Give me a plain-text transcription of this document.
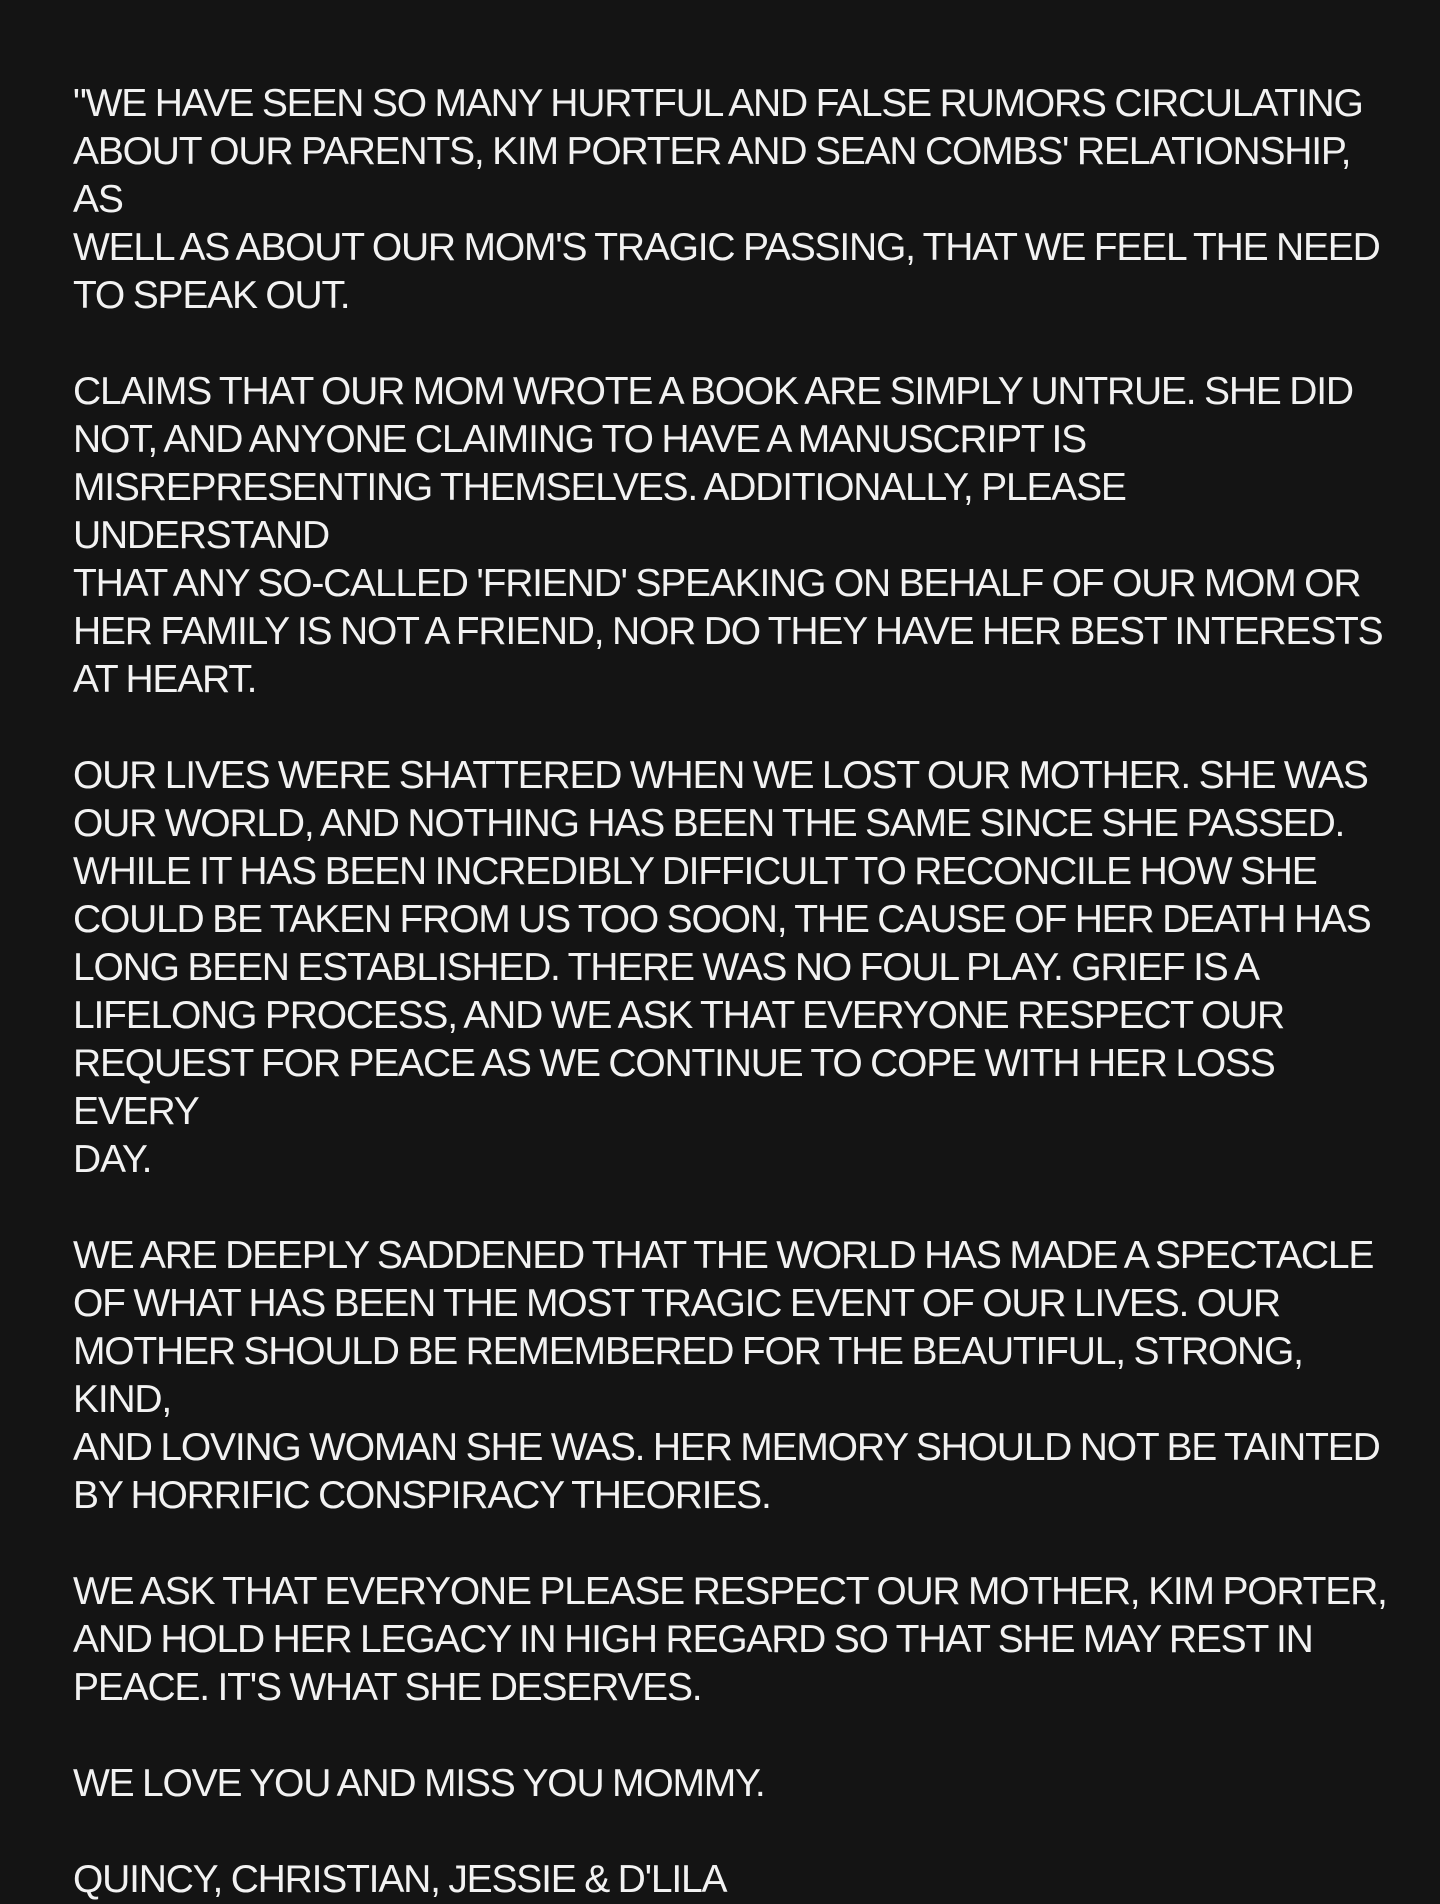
"WE HAVE SEEN SO MANY HURTFUL AND FALSE RUMORS CIRCULATING
ABOUT OUR PARENTS, KIM PORTER AND SEAN COMBS' RELATIONSHIP, AS
WELL AS ABOUT OUR MOM'S TRAGIC PASSING, THAT WE FEEL THE NEED
TO SPEAK OUT.

CLAIMS THAT OUR MOM WROTE A BOOK ARE SIMPLY UNTRUE. SHE DID
NOT, AND ANYONE CLAIMING TO HAVE A MANUSCRIPT IS
MISREPRESENTING THEMSELVES. ADDITIONALLY, PLEASE UNDERSTAND
THAT ANY SO-CALLED 'FRIEND' SPEAKING ON BEHALF OF OUR MOM OR
HER FAMILY IS NOT A FRIEND, NOR DO THEY HAVE HER BEST INTERESTS
AT HEART.

OUR LIVES WERE SHATTERED WHEN WE LOST OUR MOTHER. SHE WAS
OUR WORLD, AND NOTHING HAS BEEN THE SAME SINCE SHE PASSED.
WHILE IT HAS BEEN INCREDIBLY DIFFICULT TO RECONCILE HOW SHE
COULD BE TAKEN FROM US TOO SOON, THE CAUSE OF HER DEATH HAS
LONG BEEN ESTABLISHED. THERE WAS NO FOUL PLAY. GRIEF IS A
LIFELONG PROCESS, AND WE ASK THAT EVERYONE RESPECT OUR
REQUEST FOR PEACE AS WE CONTINUE TO COPE WITH HER LOSS EVERY
DAY.

WE ARE DEEPLY SADDENED THAT THE WORLD HAS MADE A SPECTACLE
OF WHAT HAS BEEN THE MOST TRAGIC EVENT OF OUR LIVES. OUR
MOTHER SHOULD BE REMEMBERED FOR THE BEAUTIFUL, STRONG, KIND,
AND LOVING WOMAN SHE WAS. HER MEMORY SHOULD NOT BE TAINTED
BY HORRIFIC CONSPIRACY THEORIES.

WE ASK THAT EVERYONE PLEASE RESPECT OUR MOTHER, KIM PORTER,
AND HOLD HER LEGACY IN HIGH REGARD SO THAT SHE MAY REST IN
PEACE. IT'S WHAT SHE DESERVES.

WE LOVE YOU AND MISS YOU MOMMY.

QUINCY, CHRISTIAN, JESSIE & D'LILA
